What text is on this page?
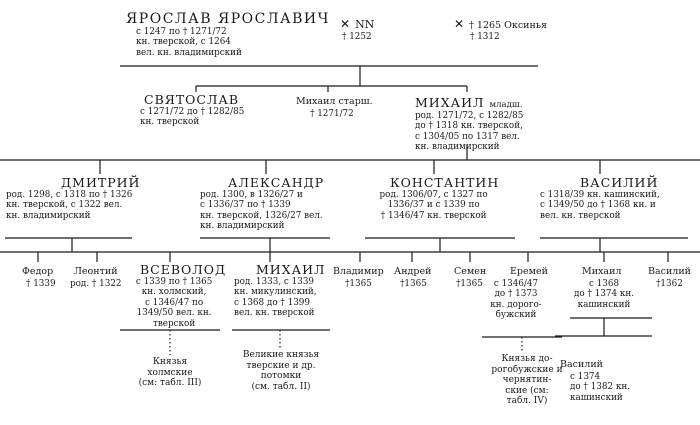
ЯРОСЛАВ ЯРОСЛАВИЧ
с 1247 по † 1271/72
кн. тверской, с 1264
вел. кн. владимирский
✕ NN
† 1252
✕ † 1265 Оксинья
† 1312
СВЯТОСЛАВ
с 1271/72 до † 1282/85
кн. тверской
Михаил старш.
† 1271/72
МИХАИЛ младш.
род. 1271/72, с 1282/85
до † 1318 кн. тверской,
с 1304/05 по 1317 вел.
кн. владимирский
ДМИТРИЙ
род. 1298, с 1318 по † 1326
кн. тверской, с 1322 вел.
кн. владимирский
АЛЕКСАНДР
род. 1300, в 1326/27 и
с 1336/37 по † 1339
кн. тверской, 1326/27 вел.
кн. владимирский
КОНСТАНТИН
род. 1306/07, с 1327 по
1336/37 и с 1339 по
† 1346/47 кн. тверской
ВАСИЛИЙ
с 1318/39 кн. кашинский,
с 1349/50 до † 1368 кн. и
вел. кн. тверской
Федор
† 1339
Леонтий
род. † 1322
ВСЕВОЛОД
с 1339 по † 1365
кн. холмский,
с 1346/47 по
1349/50 вел. кн.
тверской
МИХАИЛ
род. 1333, с 1339
кн. микулинский,
с 1368 до † 1399
вел. кн. тверской
Владимир
†1365
Андрей
†1365
Семен
†1365
Еремей
с 1346/47
до † 1373
кн. дорого-
бужский
Михаил
с 1368
до † 1374 кн.
кашинский
Василий
†1362
Василий
с 1374
до † 1382 кн.
кашинский
Князья
холмские
(см: табл. III)
Великие князья
тверские и др.
потомки
(см. табл. II)
Князья до-
рогобужские и
чернятин-
ские (см:
табл. IV)
